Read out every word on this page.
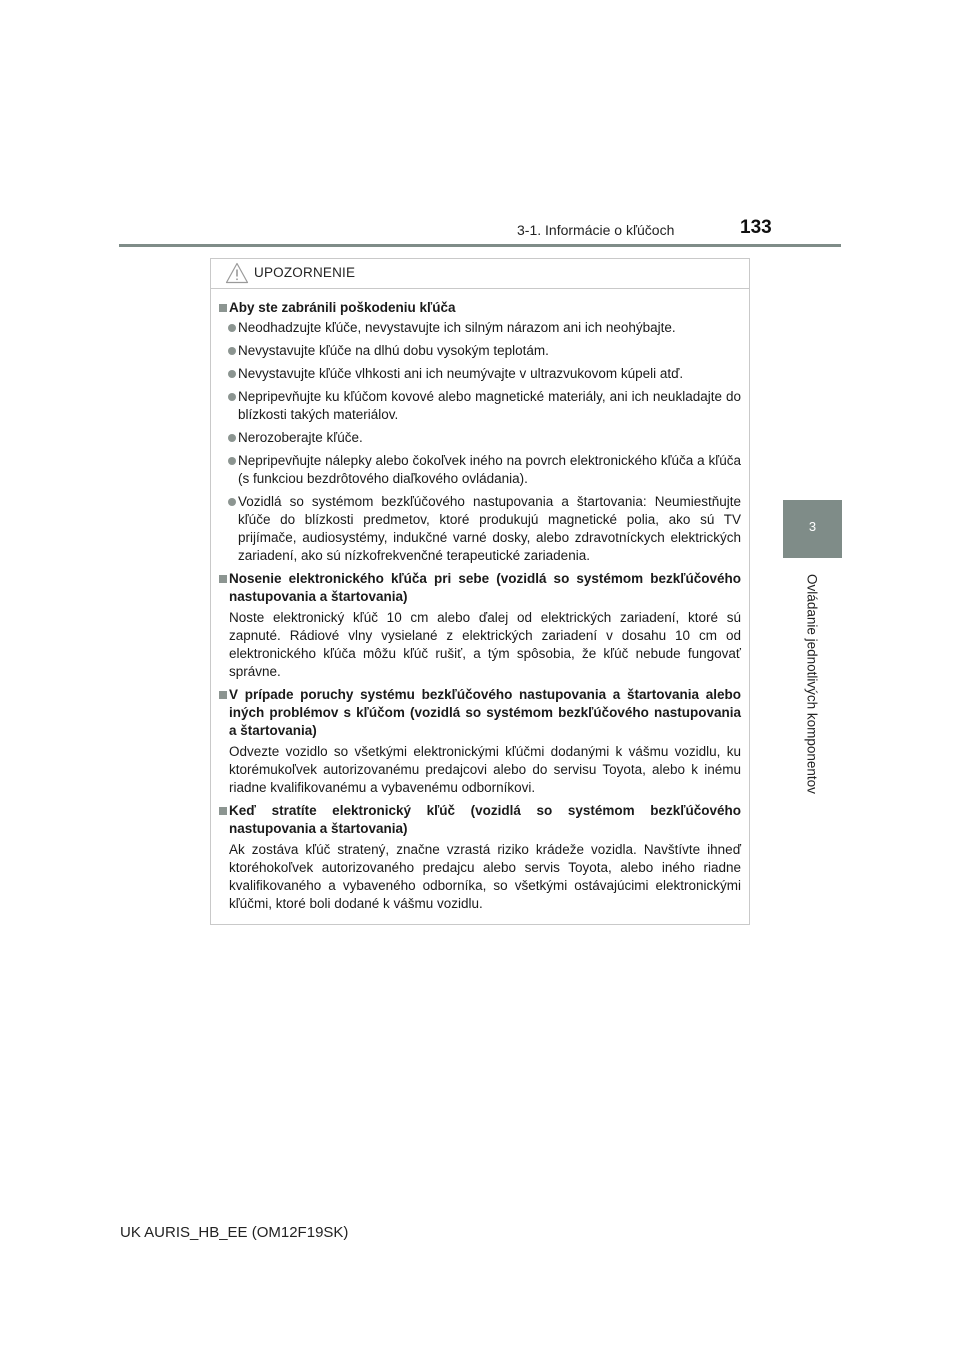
3-1. Informácie o kľúčoch	133
3
Ovládanie jednotlivých komponentov
UPOZORNENIE
Aby ste zabránili poškodeniu kľúča
Neodhadzujte kľúče, nevystavujte ich silným nárazom ani ich neohýbajte.
Nevystavujte kľúče na dlhú dobu vysokým teplotám.
Nevystavujte kľúče vlhkosti ani ich neumývajte v ultrazvukovom kúpeli atď.
Nepripevňujte ku kľúčom kovové alebo magnetické materiály, ani ich neukladajte do blízkosti takých materiálov.
Nerozoberajte kľúče.
Nepripevňujte nálepky alebo čokoľvek iného na povrch elektronického kľúča a kľúča (s funkciou bezdrôtového diaľkového ovládania).
Vozidlá so systémom bezkľúčového nastupovania a štartovania: Neumiestňujte kľúče do blízkosti predmetov, ktoré produkujú magnetické polia, ako sú TV prijímače, audiosystémy, indukčné varné dosky, alebo zdravotníckych elektrických zariadení, ako sú nízkofrekvenčné terapeutické zariadenia.
Nosenie elektronického kľúča pri sebe (vozidlá so systémom bezkľúčového nastupovania a štartovania)
Noste elektronický kľúč 10 cm alebo ďalej od elektrických zariadení, ktoré sú zapnuté. Rádiové vlny vysielané z elektrických zariadení v dosahu 10 cm od elektronického kľúča môžu kľúč rušiť, a tým spôsobia, že kľúč nebude fungovať správne.
V prípade poruchy systému bezkľúčového nastupovania a štartovania alebo iných problémov s kľúčom (vozidlá so systémom bezkľúčového nastupovania a štartovania)
Odvezte vozidlo so všetkými elektronickými kľúčmi dodanými k vášmu vozidlu, ku ktorémukoľvek autorizovanému predajcovi alebo do servisu Toyota, alebo k inému riadne kvalifikovanému a vybavenému odborníkovi.
Keď stratíte elektronický kľúč (vozidlá so systémom bezkľúčového nastupovania a štartovania)
Ak zostáva kľúč stratený, značne vzrastá riziko krádeže vozidla. Navštívte ihneď ktoréhokoľvek autorizovaného predajcu alebo servis Toyota, alebo iného riadne kvalifikovaného a vybaveného odborníka, so všetkými ostávajúcimi elektronickými kľúčmi, ktoré boli dodané k vášmu vozidlu.
UK AURIS_HB_EE (OM12F19SK)
